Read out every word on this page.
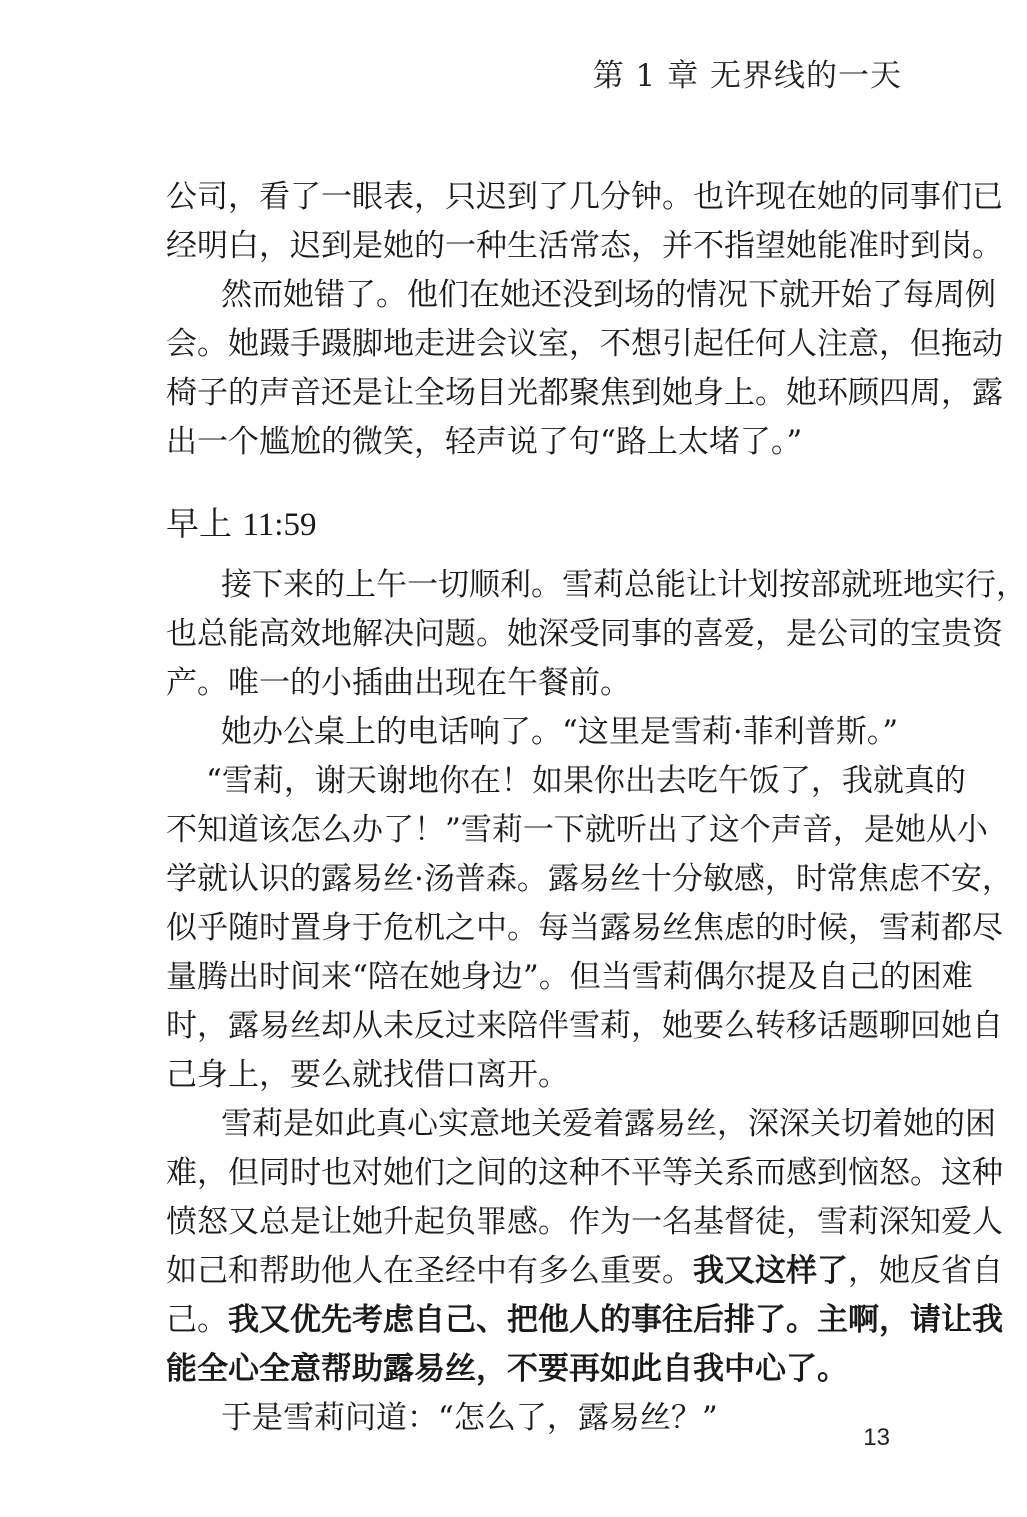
第 1 章 无界线的一天
公司，看了一眼表，只迟到了几分钟。也许现在她的同事们已
经明白，迟到是她的一种生活常态，并不指望她能准时到岗。
然而她错了。他们在她还没到场的情况下就开始了每周例
会。她蹑手蹑脚地走进会议室，不想引起任何人注意，但拖动
椅子的声音还是让全场目光都聚焦到她身上。她环顾四周，露
出一个尴尬的微笑，轻声说了句“路上太堵了。”
早上 11:59
接下来的上午一切顺利。雪莉总能让计划按部就班地实行，
也总能高效地解决问题。她深受同事的喜爱，是公司的宝贵资
产。唯一的小插曲出现在午餐前。
她办公桌上的电话响了。“这里是雪莉·菲利普斯。”
“雪莉，谢天谢地你在！如果你出去吃午饭了，我就真的
不知道该怎么办了！”雪莉一下就听出了这个声音，是她从小
学就认识的露易丝·汤普森。露易丝十分敏感，时常焦虑不安，
似乎随时置身于危机之中。每当露易丝焦虑的时候，雪莉都尽
量腾出时间来“陪在她身边”。但当雪莉偶尔提及自己的困难
时，露易丝却从未反过来陪伴雪莉，她要么转移话题聊回她自
己身上，要么就找借口离开。
雪莉是如此真心实意地关爱着露易丝，深深关切着她的困
难，但同时也对她们之间的这种不平等关系而感到恼怒。这种
愤怒又总是让她升起负罪感。作为一名基督徒，雪莉深知爱人
如己和帮助他人在圣经中有多么重要。我又这样了，她反省自
己。我又优先考虑自己、把他人的事往后排了。主啊，请让我
能全心全意帮助露易丝，不要再如此自我中心了。
于是雪莉问道：“怎么了，露易丝？”
13
